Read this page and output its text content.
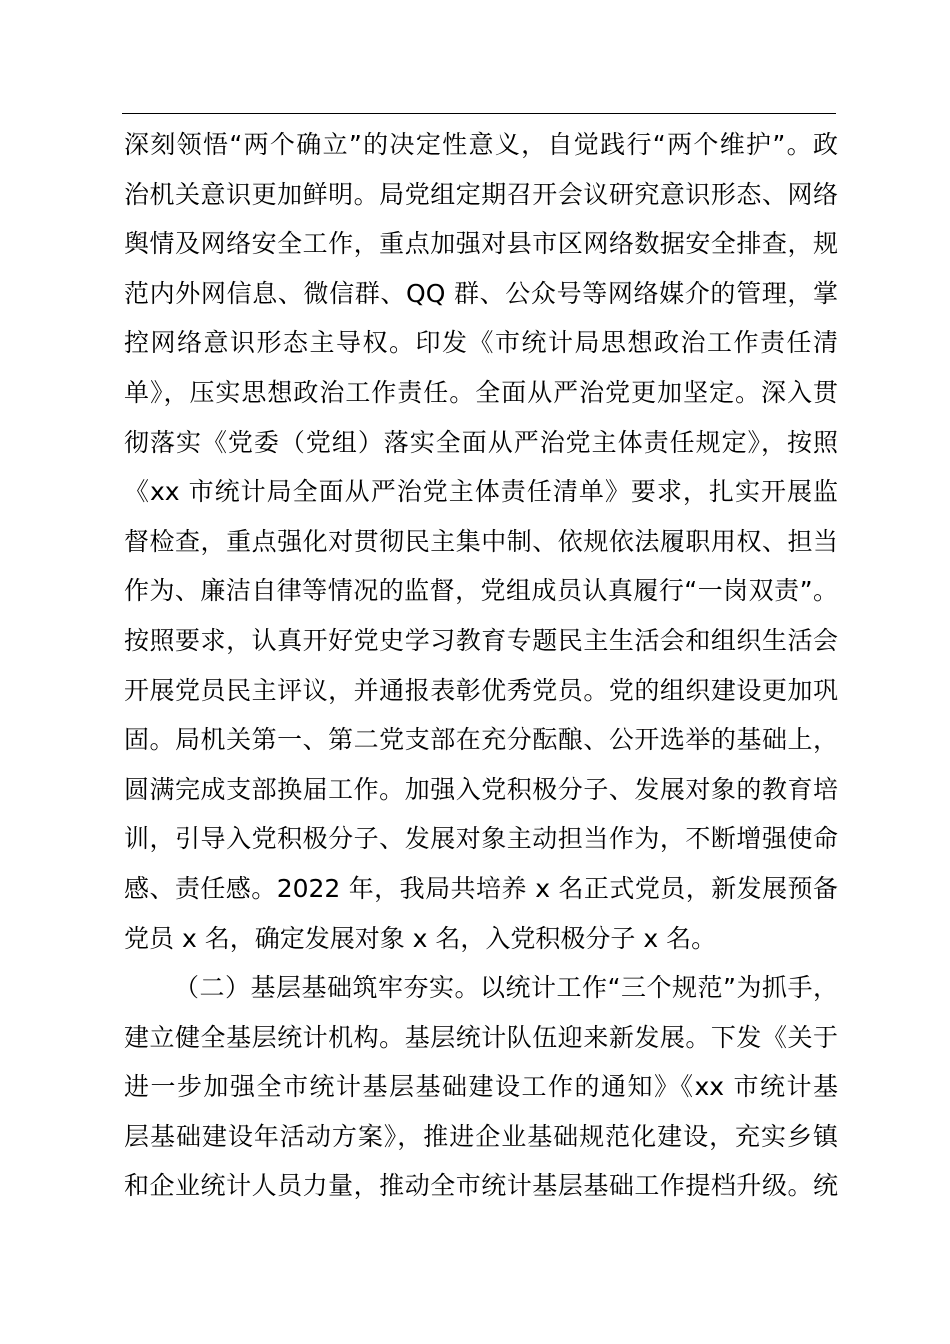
深刻领悟“两个确立”的决定性意义，自觉践行“两个维护”。政
治机关意识更加鲜明。局党组定期召开会议研究意识形态、网络
舆情及网络安全工作，重点加强对县市区网络数据安全排查，规
范内外网信息、微信群、QQ 群、公众号等网络媒介的管理，掌
控网络意识形态主导权。印发《市统计局思想政治工作责任清
单》，压实思想政治工作责任。全面从严治党更加坚定。深入贯
彻落实《党委（党组）落实全面从严治党主体责任规定》，按照
《xx 市统计局全面从严治党主体责任清单》要求，扎实开展监
督检查，重点强化对贯彻民主集中制、依规依法履职用权、担当
作为、廉洁自律等情况的监督，党组成员认真履行“一岗双责”。
按照要求，认真开好党史学习教育专题民主生活会和组织生活会
开展党员民主评议，并通报表彰优秀党员。党的组织建设更加巩
固。局机关第一、第二党支部在充分酝酿、公开选举的基础上，
圆满完成支部换届工作。加强入党积极分子、发展对象的教育培
训，引导入党积极分子、发展对象主动担当作为，不断增强使命
感、责任感。2022 年，我局共培养 x 名正式党员，新发展预备
党员 x 名，确定发展对象 x 名，入党积极分子 x 名。
（二）基层基础筑牢夯实。以统计工作“三个规范”为抓手，
建立健全基层统计机构。基层统计队伍迎来新发展。下发《关于
进一步加强全市统计基层基础建设工作的通知》《xx 市统计基
层基础建设年活动方案》，推进企业基础规范化建设，充实乡镇
和企业统计人员力量，推动全市统计基层基础工作提档升级。统
